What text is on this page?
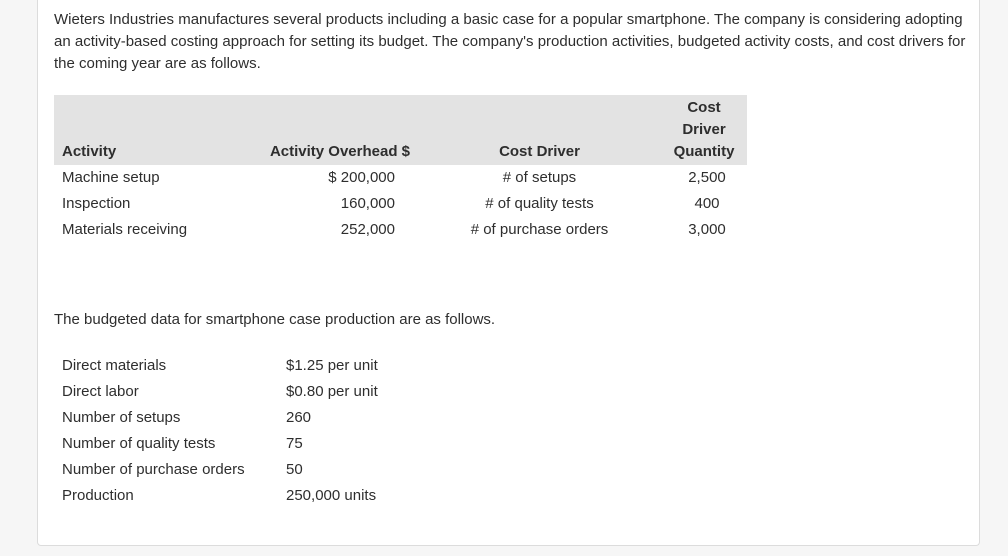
Wieters Industries manufactures several products including a basic case for a popular smartphone. The company is considering adopting an activity-based costing approach for setting its budget. The company's production activities, budgeted activity costs, and cost drivers for the coming year are as follows.

Activity	Activity Overhead $	Cost Driver	Cost Driver Quantity
Machine setup	$ 200,000	# of setups	2,500
Inspection	160,000	# of quality tests	400
Materials receiving	252,000	# of purchase orders	3,000

The budgeted data for smartphone case production are as follows.

Direct materials	$1.25 per unit
Direct labor	$0.80 per unit
Number of setups	260
Number of quality tests	75
Number of purchase orders	50
Production	250,000 units
